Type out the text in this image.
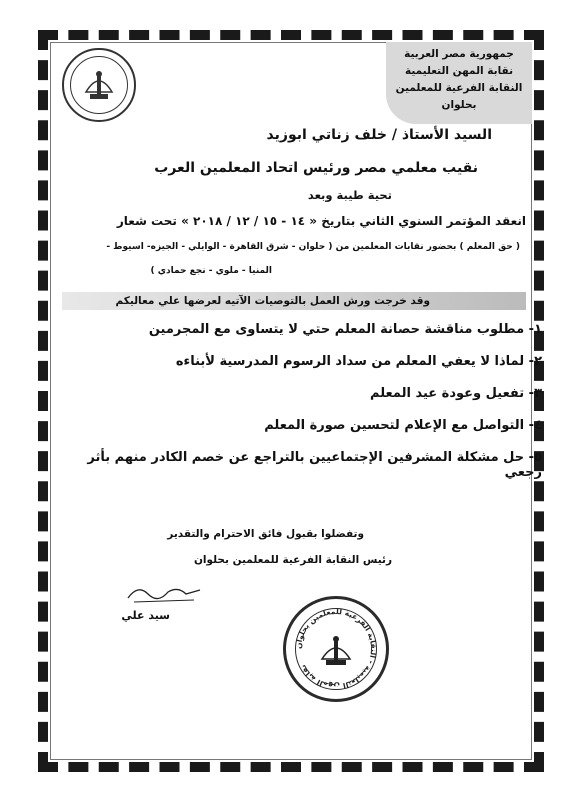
جمهورية مصر العربية
نقابة المهن التعليمية
النقابة الفرعية للمعلمين
بحلوان
السيد الأستاذ / خلف زناتي ابوزيد
نقيب معلمي مصر ورئيس اتحاد المعلمين العرب
تحية طيبة وبعد
انعقد المؤتمر السنوي الثاني بتاريخ « ١٤ - ١٥ / ١٢ / ٢٠١٨ » تحت شعار
( حق المعلم ) بحضور نقابات المعلمين من ( حلوان - شرق القاهرة - الوايلي - الجيزه- اسيوط -
المنيا - ملوي - نجع حمادي )
وقد خرجت ورش العمل بالتوصيات الآتيه لعرضها علي معاليكم
١- مطلوب مناقشة حصانة المعلم حتي لا يتساوى مع المجرمين
٢- لماذا لا يعفي المعلم من سداد الرسوم المدرسية لأبناءه
٣- تفعيل وعودة عيد المعلم
٤- التواصل مع الإعلام لتحسين صورة المعلم
٥- حل مشكلة المشرفين الإجتماعيين بالتراجع عن خصم الكادر منهم بأثر رجعي
وتفضلوا بقبول فائق الاحترام والتقدير
رئيس النقابة الفرعية للمعلمين بحلوان
سيد علي
نقابة المهن التعليمية - النقابة الفرعية للمعلمين بحلوان
